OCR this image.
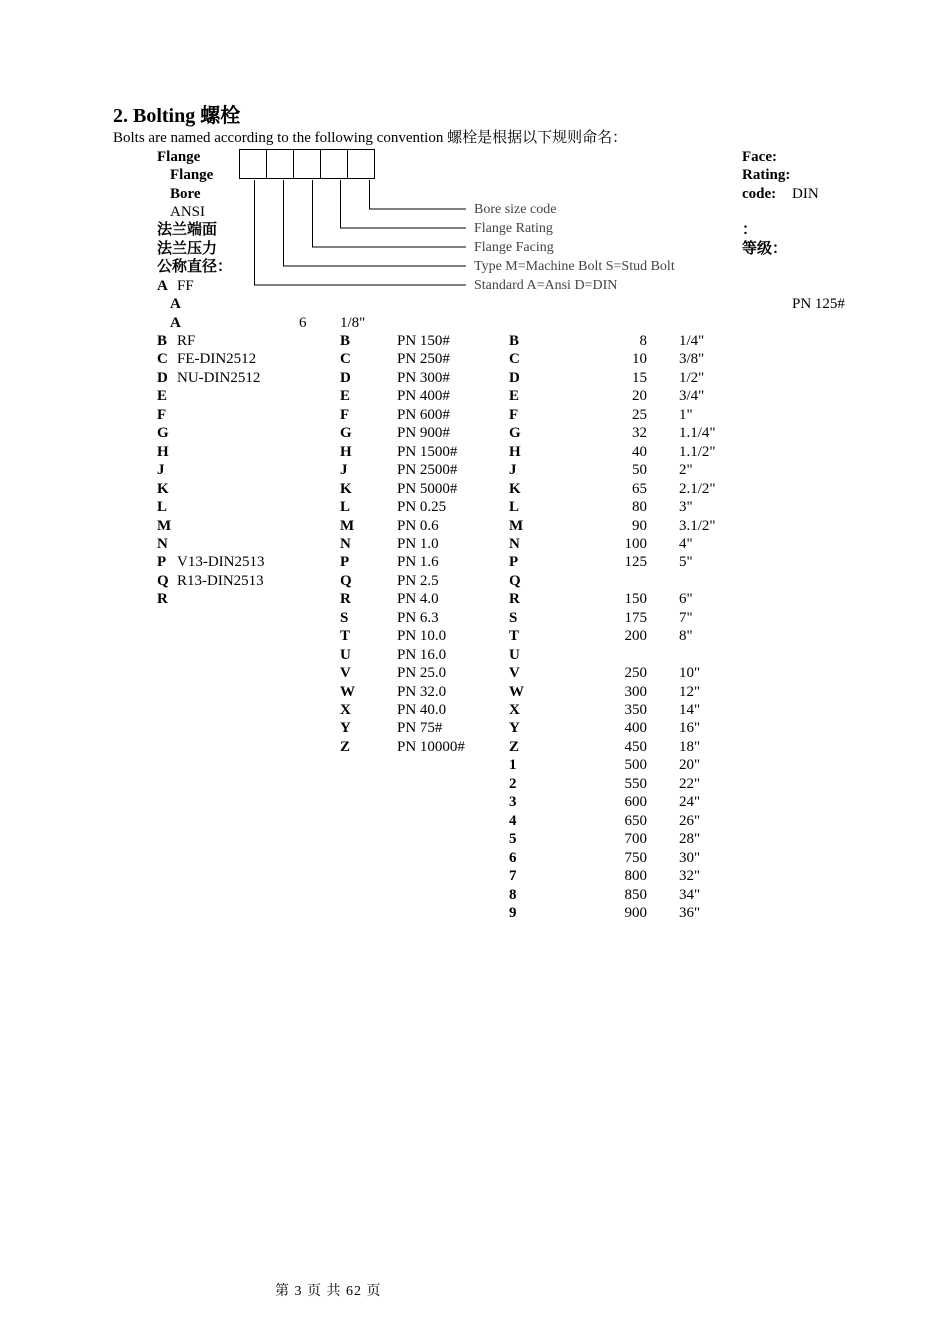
2. Bolting 螺栓
Bolts are named according to the following convention 螺栓是根据以下规则命名：
Flange
Flange
Bore
ANSI
法兰端面
法兰压力
公称直径：
Face:
Rating:
code: DIN
：
等级：
PN 125#
Bore size code
Flange Rating
Flange Facing
Type M=Machine Bolt S=Stud Bolt
Standard A=Ansi D=DIN
A FF
A
A	6 1/8"
B RF
C FE-DIN2512
D NU-DIN2512
E
F
G
H
J
K
L
M
N
P V13-DIN2513
Q R13-DIN2513
R
B	PN 150#
C	PN 250#
D	PN 300#
E	PN 400#
F	PN 600#
G	PN 900#
H	PN 1500#
J	PN 2500#
K	PN 5000#
L	PN 0.25
M	PN 0.6
N	PN 1.0
P	PN 1.6
Q	PN 2.5
R	PN 4.0
S	PN 6.3
T	PN 10.0
U	PN 16.0
V	PN 25.0
W	PN 32.0
X	PN 40.0
Y	PN 75#
Z	PN 10000#
B	8 1/4"
C	10 3/8"
D	15 1/2"
E	20 3/4"
F	25 1"
G	32 1.1/4"
H	40 1.1/2"
J	50 2"
K	65 2.1/2"
L	80 3"
M	90 3.1/2"
N	100 4"
P	125 5"
Q
R	150 6"
S	175 7"
T	200 8"
U
V	250 10"
W	300 12"
X	350 14"
Y	400 16"
Z	450 18"
1	500 20"
2	550 22"
3	600 24"
4	650 26"
5	700 28"
6	750 30"
7	800 32"
8	850 34"
9	900 36"
第 3 页 共 62 页
